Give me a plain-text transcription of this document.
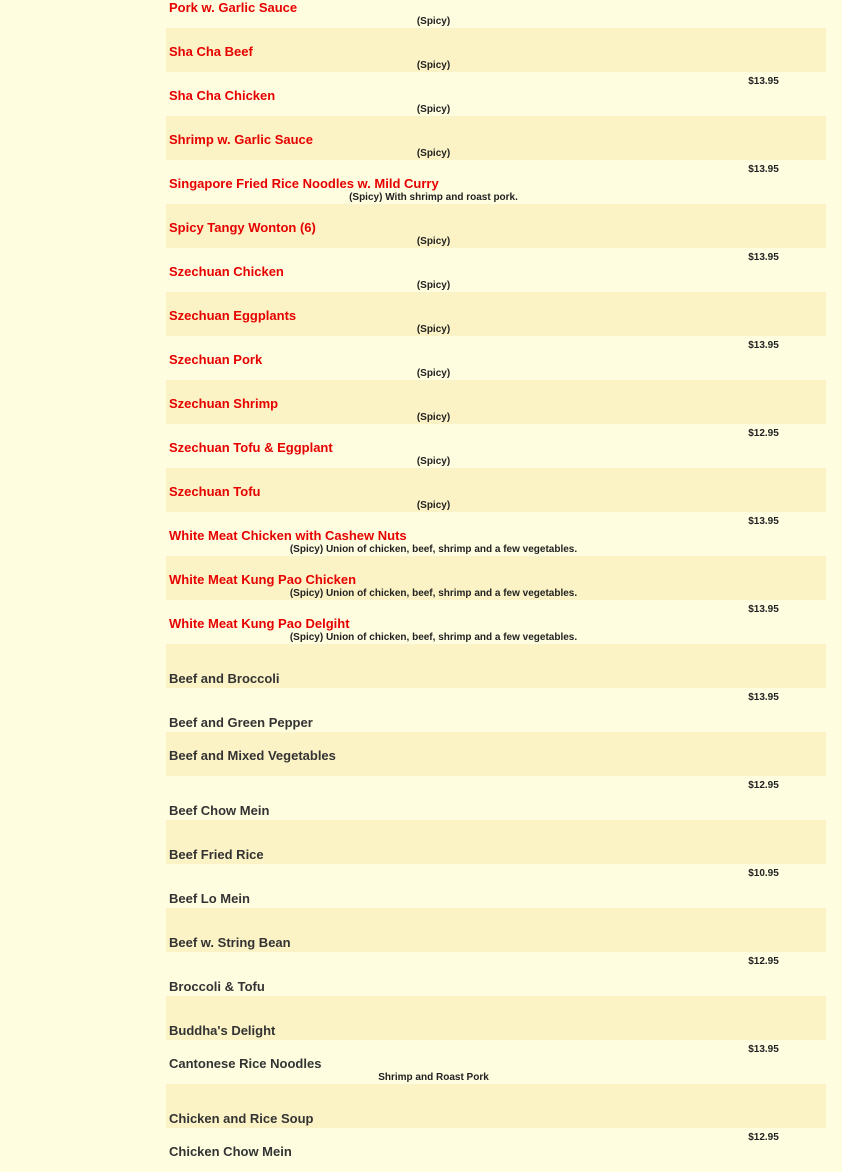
Pork w. Garlic Sauce
(Spicy)
Sha Cha Beef
(Spicy)
$13.95
Sha Cha Chicken
(Spicy)
Shrimp w. Garlic Sauce
(Spicy)
$13.95
Singapore Fried Rice Noodles w. Mild Curry
(Spicy) With shrimp and roast pork.
Spicy Tangy Wonton (6)
(Spicy)
$13.95
Szechuan Chicken
(Spicy)
Szechuan Eggplants
(Spicy)
$13.95
Szechuan Pork
(Spicy)
Szechuan Shrimp
(Spicy)
$12.95
Szechuan Tofu & Eggplant
(Spicy)
Szechuan Tofu
(Spicy)
$13.95
White Meat Chicken with Cashew Nuts
(Spicy) Union of chicken, beef, shrimp and a few vegetables.
White Meat Kung Pao Chicken
(Spicy) Union of chicken, beef, shrimp and a few vegetables.
$13.95
White Meat Kung Pao Delgiht
(Spicy) Union of chicken, beef, shrimp and a few vegetables.
Beef and Broccoli
$13.95
Beef and Green Pepper
Beef and Mixed Vegetables
$12.95
Beef Chow Mein
Beef Fried Rice
$10.95
Beef Lo Mein
Beef w. String Bean
$12.95
Broccoli & Tofu
Buddha's Delight
$13.95
Cantonese Rice Noodles
Shrimp and Roast Pork
Chicken and Rice Soup
$12.95
Chicken Chow Mein
